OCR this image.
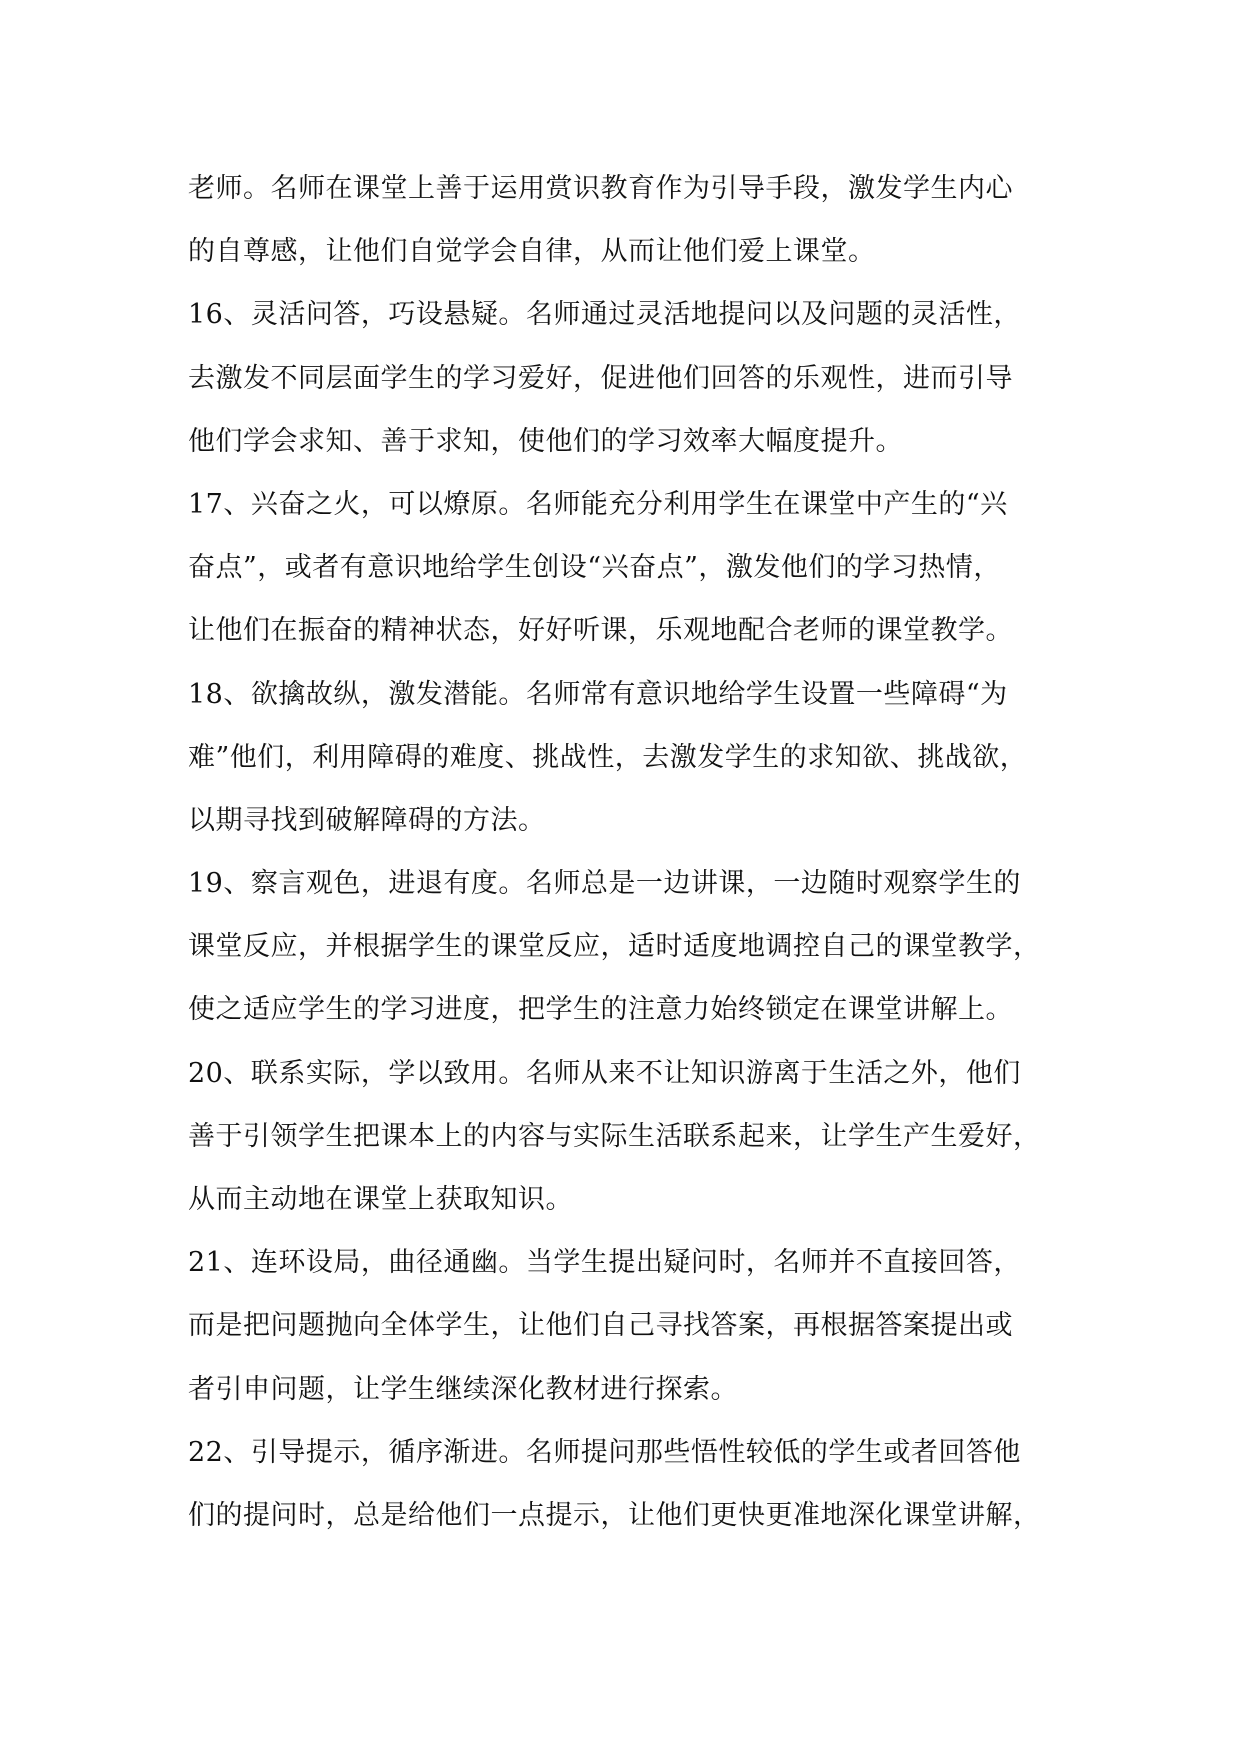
老师。名师在课堂上善于运用赏识教育作为引导手段，激发学生内心
的自尊感，让他们自觉学会自律，从而让他们爱上课堂。
16、灵活问答，巧设悬疑。名师通过灵活地提问以及问题的灵活性，
去激发不同层面学生的学习爱好，促进他们回答的乐观性，进而引导
他们学会求知、善于求知，使他们的学习效率大幅度提升。
17、兴奋之火，可以燎原。名师能充分利用学生在课堂中产生的“兴
奋点”，或者有意识地给学生创设“兴奋点”，激发他们的学习热情，
让他们在振奋的精神状态，好好听课，乐观地配合老师的课堂教学。
18、欲擒故纵，激发潜能。名师常有意识地给学生设置一些障碍“为
难”他们，利用障碍的难度、挑战性，去激发学生的求知欲、挑战欲，
以期寻找到破解障碍的方法。
19、察言观色，进退有度。名师总是一边讲课，一边随时观察学生的
课堂反应，并根据学生的课堂反应，适时适度地调控自己的课堂教学，
使之适应学生的学习进度，把学生的注意力始终锁定在课堂讲解上。
20、联系实际，学以致用。名师从来不让知识游离于生活之外，他们
善于引领学生把课本上的内容与实际生活联系起来，让学生产生爱好，
从而主动地在课堂上获取知识。
21、连环设局，曲径通幽。当学生提出疑问时，名师并不直接回答，
而是把问题抛向全体学生，让他们自己寻找答案，再根据答案提出或
者引申问题，让学生继续深化教材进行探索。
22、引导提示，循序渐进。名师提问那些悟性较低的学生或者回答他
们的提问时，总是给他们一点提示，让他们更快更准地深化课堂讲解，
